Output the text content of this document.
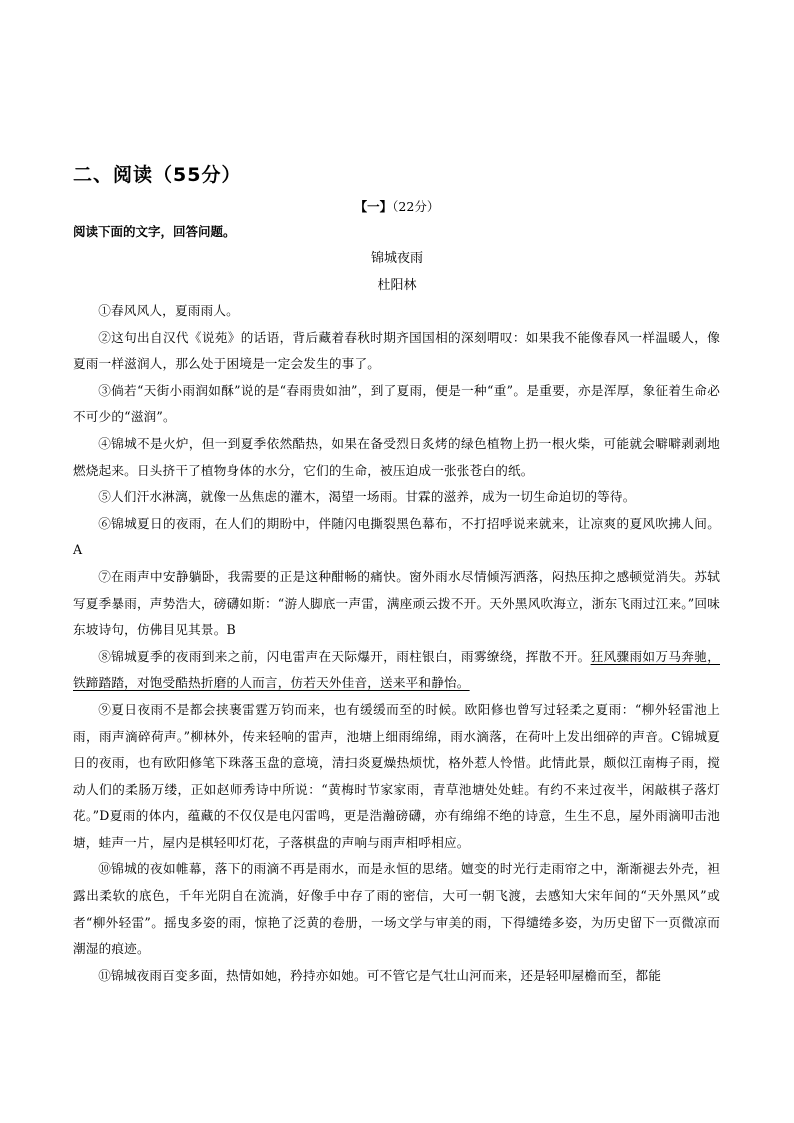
二、阅读（55分）
【一】（22分）
阅读下面的文字，回答问题。
锦城夜雨
杜阳林

①春风风人，夏雨雨人。

②这句出自汉代《说苑》的话语，背后藏着春秋时期齐国国相的深刻喟叹：如果我不能像春风一样温暖人，像夏雨一样滋润人，那么处于困境是一定会发生的事了。

③倘若“天街小雨润如酥”说的是“春雨贵如油”，到了夏雨，便是一种“重”。是重要，亦是浑厚，象征着生命必不可少的“滋润”。

④锦城不是火炉，但一到夏季依然酷热，如果在备受烈日炙烤的绿色植物上扔一根火柴，可能就会噼噼剥剥地燃烧起来。日头挤干了植物身体的水分，它们的生命，被压迫成一张张苍白的纸。

⑤人们汗水淋漓，就像一丛焦虑的灌木，渴望一场雨。甘霖的滋养，成为一切生命迫切的等待。

⑥锦城夏日的夜雨，在人们的期盼中，伴随闪电撕裂黑色幕布，不打招呼说来就来，让凉爽的夏风吹拂人间。A

⑦在雨声中安静躺卧，我需要的正是这种酣畅的痛快。窗外雨水尽情倾泻洒落，闷热压抑之感顿觉消失。苏轼写夏季暴雨，声势浩大，磅礴如斯：“游人脚底一声雷，满座顽云拨不开。天外黑风吹海立，浙东飞雨过江来。”回味东坡诗句，仿佛目见其景。B

⑧锦城夏季的夜雨到来之前，闪电雷声在天际爆开，雨柱银白，雨雾缭绕，挥散不开。狂风骤雨如万马奔驰，铁蹄踏踏，对饱受酷热折磨的人而言，仿若天外佳音，送来平和静怡。

⑨夏日夜雨不是都会挟裹雷霆万钧而来，也有缓缓而至的时候。欧阳修也曾写过轻柔之夏雨：“柳外轻雷池上雨，雨声滴碎荷声。”柳林外，传来轻响的雷声，池塘上细雨绵绵，雨水滴落，在荷叶上发出细碎的声音。C锦城夏日的夜雨，也有欧阳修笔下珠落玉盘的意境，清扫炎夏燥热烦忧，格外惹人怜惜。此情此景，颇似江南梅子雨，搅动人们的柔肠万缕，正如赵师秀诗中所说：“黄梅时节家家雨，青草池塘处处蛙。有约不来过夜半，闲敲棋子落灯花。”D夏雨的体内，蕴藏的不仅仅是电闪雷鸣，更是浩瀚磅礴，亦有绵绵不绝的诗意，生生不息，屋外雨滴叩击池塘，蛙声一片，屋内是棋轻叩灯花，子落棋盘的声响与雨声相呼相应。

⑩锦城的夜如帷幕，落下的雨滴不再是雨水，而是永恒的思绪。嬗变的时光行走雨帘之中，渐渐褪去外壳，袒露出柔软的底色，千年光阴自在流淌，好像手中存了雨的密信，大可一朝飞渡，去感知大宋年间的“天外黑风”或者“柳外轻雷”。摇曳多姿的雨，惊艳了泛黄的卷册，一场文学与审美的雨，下得缱绻多姿，为历史留下一页微凉而潮湿的痕迹。

⑪锦城夜雨百变多面，热情如她，矜持亦如她。可不管它是气壮山河而来，还是轻叩屋檐而至，都能
